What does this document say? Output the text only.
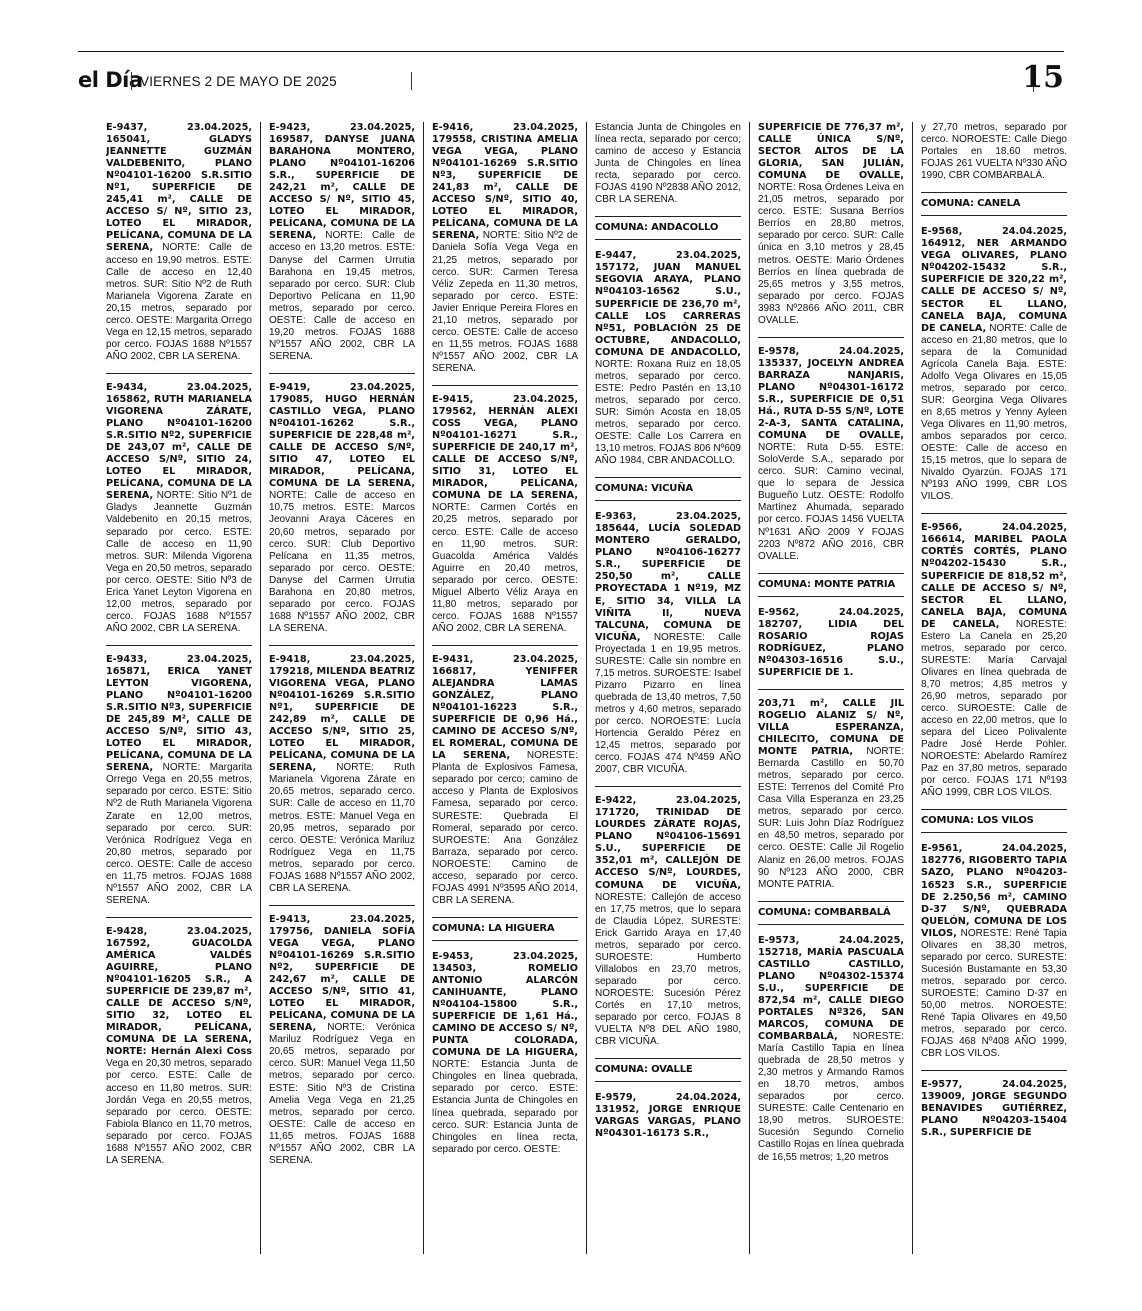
el Día
VIERNES 2 DE MAYO DE 2025	15

E-9437, 23.04.2025, 165041, GLADYS JEANNETTE GUZMÁN VALDEBENITO, PLANO Nº04101-16200 S.R.SITIO Nº1, SUPERFICIE DE 245,41 m², CALLE DE ACCESO S/ Nº, SITIO 23, LOTEO EL MIRADOR, PELÍCANA, COMUNA DE LA SERENA, NORTE: Calle de acceso en 19,90 metros. ESTE: Calle de acceso en 12,40 metros. SUR: Sitio Nº2 de Ruth Marianela Vigorena Zarate en 20,15 metros, separado por cerco. OESTE: Margarita Orrego Vega en 12,15 metros, separado por cerco. FOJAS 1688 Nº1557 AÑO 2002, CBR LA SERENA.

E-9434, 23.04.2025, 165862, RUTH MARIANELA VIGORENA ZÁRATE, PLANO Nº04101-16200 S.R.SITIO Nº2, SUPERFICIE DE 243,07 m², CALLE DE ACCESO S/Nº, SITIO 24, LOTEO EL MIRADOR, PELÍCANA, COMUNA DE LA SERENA, NORTE: Sitio Nº1 de Gladys Jeannette Guzmán Valdebenito en 20,15 metros, separado por cerco. ESTE: Calle de acceso en 11,90 metros. SUR: Milenda Vigorena Vega en 20,50 metros, separado por cerco. OESTE: Sitio Nº3 de Erica Yanet Leyton Vigorena en 12,00 metros, separado por cerco. FOJAS 1688 Nº1557 AÑO 2002, CBR LA SERENA.

E-9433, 23.04.2025, 165871, ERICA YANET LEYTON VIGORENA, PLANO Nº04101-16200 S.R.SITIO Nº3, SUPERFICIE DE 245,89 M², CALLE DE ACCESO S/Nº, SITIO 43, LOTEO EL MIRADOR, PELÍCANA, COMUNA DE LA SERENA, NORTE: Margarita Orrego Vega en 20,55 metros, separado por cerco. ESTE: Sitio Nº2 de Ruth Marianela Vigorena Zarate en 12,00 metros, separado por cerco. SUR: Verónica Rodríguez Vega en 20,80 metros, separado por cerco. OESTE: Calle de acceso en 11,75 metros. FOJAS 1688 Nº1557 AÑO 2002, CBR LA SERENA.

E-9428, 23.04.2025, 167592, GUACOLDA AMÉRICA VALDÉS AGUIRRE, PLANO Nº04101-16205 S.R., A SUPERFICIE DE 239,87 m², CALLE DE ACCESO S/Nº, SITIO 32, LOTEO EL MIRADOR, PELÍCANA, COMUNA DE LA SERENA, NORTE: Hernán Alexi Coss Vega en 20,30 metros, separado por cerco. ESTE: Calle de acceso en 11,80 metros. SUR: Jordán Vega en 20,55 metros, separado por cerco. OESTE: Fabiola Blanco en 11,70 metros, separado por cerco. FOJAS 1688 Nº1557 AÑO 2002, CBR LA SERENA.

E-9423, 23.04.2025, 169587, DANYSE JUANA BARAHONA MONTERO, PLANO Nº04101-16206 S.R., SUPERFICIE DE 242,21 m², CALLE DE ACCESO S/ Nº, SITIO 45, LOTEO EL MIRADOR, PELÍCANA, COMUNA DE LA SERENA, NORTE: Calle de acceso en 13,20 metros. ESTE: Danyse del Carmen Urrutia Barahona en 19,45 metros, separado por cerco. SUR: Club Deportivo Pelícana en 11,90 metros, separado por cerco. OESTE: Calle de acceso en 19,20 metros. FOJAS 1688 Nº1557 AÑO 2002, CBR LA SERENA.

E-9419, 23.04.2025, 179085, HUGO HERNÁN CASTILLO VEGA, PLANO Nº04101-16262 S.R., SUPERFICIE DE 228,48 m², CALLE DE ACCESO S/Nº, SITIO 47, LOTEO EL MIRADOR, PELÍCANA, COMUNA DE LA SERENA, NORTE: Calle de acceso en 10,75 metros. ESTE: Marcos Jeovanni Araya Cáceres en 20,60 metros, separado por cerco. SUR: Club Deportivo Pelícana en 11,35 metros, separado por cerco. OESTE: Danyse del Carmen Urrutia Barahona en 20,80 metros, separado por cerco. FOJAS 1688 Nº1557 AÑO 2002, CBR LA SERENA.

E-9418, 23.04.2025, 179218, MILENDA BEATRIZ VIGORENA VEGA, PLANO Nº04101-16269 S.R.SITIO Nº1, SUPERFICIE DE 242,89 m², CALLE DE ACCESO S/Nº, SITIO 25, LOTEO EL MIRADOR, PELÍCANA, COMUNA DE LA SERENA, NORTE: Ruth Marianela Vigorena Zárate en 20,65 metros, separado cerco. SUR: Calle de acceso en 11,70 metros. ESTE: Manuel Vega en 20,95 metros, separado por cerco. OESTE: Verónica Mariluz Rodríguez Vega en 11,75 metros, separado por cerco. FOJAS 1688 Nº1557 AÑO 2002, CBR LA SERENA.

E-9413, 23.04.2025, 179756, DANIELA SOFÍA VEGA VEGA, PLANO Nº04101-16269 S.R.SITIO Nº2, SUPERFICIE DE 242,67 m², CALLE DE ACCESO S/Nº, SITIO 41, LOTEO EL MIRADOR, PELÍCANA, COMUNA DE LA SERENA, NORTE: Verónica Mariluz Rodríguez Vega en 20,65 metros, separado por cerco. SUR: Manuel Vega 11,50 metros, separado por cerco. ESTE: Sitio Nº3 de Cristina Amelia Vega Vega en 21,25 metros, separado por cerco. OESTE: Calle de acceso en 11,65 metros. FOJAS 1688 Nº1557 AÑO 2002, CBR LA SERENA.

E-9416, 23.04.2025, 179558, CRISTINA AMELIA VEGA VEGA, PLANO Nº04101-16269 S.R.SITIO Nº3, SUPERFICIE DE 241,83 m², CALLE DE ACCESO S/Nº, SITIO 40, LOTEO EL MIRADOR, PELÍCANA, COMUNA DE LA SERENA, NORTE: Sitio Nº2 de Daniela Sofía Vega Vega en 21,25 metros, separado por cerco. SUR: Carmen Teresa Véliz Zepeda en 11,30 metros, separado por cerco. ESTE: Javier Enrique Pereira Flores en 21,10 metros, separado por cerco. OESTE: Calle de acceso en 11,55 metros. FOJAS 1688 Nº1557 AÑO 2002, CBR LA SERENA.

E-9415, 23.04.2025, 179562, HERNÁN ALEXI COSS VEGA, PLANO Nº04101-16271 S.R., SUPERFICIE DE 240,17 m², CALLE DE ACCESO S/Nº, SITIO 31, LOTEO EL MIRADOR, PELÍCANA, COMUNA DE LA SERENA, NORTE: Carmen Cortés en 20,25 metros, separado por cerco. ESTE: Calle de acceso en 11,90 metros. SUR: Guacolda América Valdés Aguirre en 20,40 metros, separado por cerco. OESTE: Miguel Alberto Véliz Araya en 11,80 metros, separado por cerco. FOJAS 1688 Nº1557 AÑO 2002, CBR LA SERENA.

E-9431, 23.04.2025, 166817, YENIFFER ALEJANDRA LAMAS GONZÁLEZ, PLANO Nº04101-16223 S.R., SUPERFICIE DE 0,96 Há., CAMINO DE ACCESO S/Nº, EL ROMERAL, COMUNA DE LA SERENA, NORESTE: Planta de Explosivos Famesa, separado por cerco; camino de acceso y Planta de Explosivos Famesa, separado por cerco. SURESTE: Quebrada El Romeral, separado por cerco. SUROESTE: Ana González Barraza, separado por cerco. NOROESTE: Camino de acceso, separado por cerco. FOJAS 4991 Nº3595 AÑO 2014, CBR LA SERENA.

COMUNA: LA HIGUERA

E-9453, 23.04.2025, 134503, ROMELIO ANTONIO ALARCÓN CANIHUANTE, PLANO Nº04104-15800 S.R., SUPERFICIE DE 1,61 Há., CAMINO DE ACCESO S/ Nº, PUNTA COLORADA, COMUNA DE LA HIGUERA, NORTE: Estancia Junta de Chingoles en línea quebrada, separado por cerco. ESTE: Estancia Junta de Chingoles en línea quebrada, separado por cerco. SUR: Estancia Junta de Chingoles en línea recta, separado por cerco. OESTE:

Estancia Junta de Chingoles en línea recta, separado por cerco; camino de acceso y Estancia Junta de Chingoles en línea recta, separado por cerco. FOJAS 4190 Nº2838 AÑO 2012, CBR LA SERENA.

COMUNA: ANDACOLLO

E-9447, 23.04.2025, 157172, JUAN MANUEL SEGOVIA ARAYA, PLANO Nº04103-16562 S.U., SUPERFICIE DE 236,70 m², CALLE LOS CARRERAS Nº51, POBLACIÓN 25 DE OCTUBRE, ANDACOLLO, COMUNA DE ANDACOLLO, NORTE: Roxana Ruiz en 18,05 metros, separado por cerco. ESTE: Pedro Pastén en 13,10 metros, separado por cerco. SUR: Simón Acosta en 18,05 metros, separado por cerco. OESTE: Calle Los Carrera en 13,10 metros. FOJAS 806 Nº609 AÑO 1984, CBR ANDACOLLO.

COMUNA: VICUÑA

E-9363, 23.04.2025, 185644, LUCÍA SOLEDAD MONTERO GERALDO, PLANO Nº04106-16277 S.R., SUPERFICIE DE 250,50 m², CALLE PROYECTADA 1 Nº19, MZ E, SITIO 34, VILLA LA VIÑITA II, NUEVA TALCUNA, COMUNA DE VICUÑA, NORESTE: Calle Proyectada 1 en 19,95 metros. SURESTE: Calle sin nombre en 7,15 metros. SUROESTE: Isabel Pizarro Pizarro en línea quebrada de 13,40 metros, 7,50 metros y 4,60 metros, separado por cerco. NOROESTE: Lucía Hortencia Geraldo Pérez en 12,45 metros, separado por cerco. FOJAS 474 Nº459 AÑO 2007, CBR VICUÑA.

E-9422, 23.04.2025, 171720, TRINIDAD DE LOURDES ZÁRATE ROJAS, PLANO Nº04106-15691 S.U., SUPERFICIE DE 352,01 m², CALLEJÓN DE ACCESO S/Nº, LOURDES, COMUNA DE VICUÑA, NORESTE: Callejón de acceso en 17,75 metros, que lo separa de Claudia López. SURESTE: Erick Garrido Araya en 17,40 metros, separado por cerco. SUROESTE: Humberto Villalobos en 23,70 metros, separado por cerco. NOROESTE: Sucesión Pérez Cortés en 17,10 metros, separado por cerco. FOJAS 8 VUELTA Nº8 DEL AÑO 1980, CBR VICUÑA.

COMUNA: OVALLE

E-9579, 24.04.2024, 131952, JORGE ENRIQUE VARGAS VARGAS, PLANO Nº04301-16173 S.R.,

SUPERFICIE DE 776,37 m², CALLE ÚNICA S/Nº, SECTOR ALTOS DE LA GLORIA, SAN JULIÁN, COMUNA DE OVALLE, NORTE: Rosa Órdenes Leiva en 21,05 metros, separado por cerco. ESTE: Susana Berríos Berríos en 28,80 metros, separado por cerco. SUR: Calle única en 3,10 metros y 28,45 metros. OESTE: Mario Órdenes Berríos en línea quebrada de 25,65 metros y 3,55 metros, separado por cerco. FOJAS 3983 Nº2866 AÑO 2011, CBR OVALLE.

E-9578, 24.04.2025, 135337, JOCELYN ANDREA BARRAZA NANJARIS, PLANO Nº04301-16172 S.R., SUPERFICIE DE 0,51 Há., RUTA D-55 S/Nº, LOTE 2-A-3, SANTA CATALINA, COMUNA DE OVALLE, NORTE: Ruta D-55. ESTE: SoloVerde S.A., separado por cerco. SUR: Camino vecinal, que lo separa de Jessica Bugueño Lutz. OESTE: Rodolfo Martínez Ahumada, separado por cerco. FOJAS 1456 VUELTA Nº1631 AÑO 2009 Y FOJAS 2203 Nº872 AÑO 2016, CBR OVALLE.

COMUNA: MONTE PATRIA

E-9562, 24.04.2025, 182707, LIDIA DEL ROSARIO ROJAS RODRÍGUEZ, PLANO Nº04303-16516 S.U., SUPERFICIE DE 1.

203,71 m², CALLE JIL ROGELIO ALANIZ S/ Nº, VILLA ESPERANZA, CHILECITO, COMUNA DE MONTE PATRIA, NORTE: Bernarda Castillo en 50,70 metros, separado por cerco. ESTE: Terrenos del Comité Pro Casa Villa Esperanza en 23,25 metros, separado por cerco. SUR: Luis John Díaz Rodríguez en 48,50 metros, separado por cerco. OESTE: Calle Jil Rogelio Alaniz en 26,00 metros. FOJAS 90 Nº123 AÑO 2000, CBR MONTE PATRIA.

COMUNA: COMBARBALÁ

E-9573, 24.04.2025, 152718, MARÍA PASCUALA CASTILLO CASTILLO, PLANO Nº04302-15374 S.U., SUPERFICIE DE 872,54 m², CALLE DIEGO PORTALES Nº326, SAN MARCOS, COMUNA DE COMBARBALÁ, NORESTE: María Castillo Tapia en línea quebrada de 28,50 metros y 2,30 metros y Armando Ramos en 18,70 metros, ambos separados por cerco. SURESTE: Calle Centenario en 18,90 metros. SUROESTE: Sucesión Segundo Cornelio Castillo Rojas en línea quebrada de 16,55 metros; 1,20 metros

y 27,70 metros, separado por cerco. NOROESTE: Calle Diego Portales en 18,60 metros. FOJAS 261 VUELTA Nº330 AÑO 1990, CBR COMBARBALÁ.

COMUNA: CANELA

E-9568, 24.04.2025, 164912, NER ARMANDO VEGA OLIVARES, PLANO Nº04202-15432 S.R., SUPERFICIE DE 320,22 m², CALLE DE ACCESO S/ Nº, SECTOR EL LLANO, CANELA BAJA, COMUNA DE CANELA, NORTE: Calle de acceso en 21,80 metros, que lo separa de la Comunidad Agrícola Canela Baja. ESTE: Adolfo Vega Olivares en 15,05 metros, separado por cerco. SUR: Georgina Vega Olivares en 8,65 metros y Yenny Ayleen Vega Olivares en 11,90 metros, ambos separados por cerco. OESTE: Calle de acceso en 15,15 metros, que lo separa de Nivaldo Oyarzún. FOJAS 171 Nº193 AÑO 1999, CBR LOS VILOS.

E-9566, 24.04.2025, 166614, MARIBEL PAOLA CORTÉS CORTÉS, PLANO Nº04202-15430 S.R., SUPERFICIE DE 818,52 m², CALLE DE ACCESO S/ Nº, SECTOR EL LLANO, CANELA BAJA, COMUNA DE CANELA, NORESTE: Estero La Canela en 25,20 metros, separado por cerco. SURESTE: María Carvajal Olivares en línea quebrada de 8,70 metros; 4,85 metros y 26,90 metros, separado por cerco. SUROESTE: Calle de acceso en 22,00 metros, que lo separa del Liceo Polivalente Padre José Herde Pohler. NOROESTE: Abelardo Ramírez Paz en 37,80 metros, separado por cerco. FOJAS 171 Nº193 AÑO 1999, CBR LOS VILOS.

COMUNA: LOS VILOS

E-9561, 24.04.2025, 182776, RIGOBERTO TAPIA SAZO, PLANO Nº04203-16523 S.R., SUPERFICIE DE 2.250,56 m², CAMINO D-37 S/Nº, QUEBRADA QUELÓN, COMUNA DE LOS VILOS, NORESTE: René Tapia Olivares en 38,30 metros, separado por cerco. SURESTE: Sucesión Bustamante en 53,30 metros, separado por cerco. SUROESTE: Camino D-37 en 50,00 metros. NOROESTE: René Tapia Olivares en 49,50 metros, separado por cerco. FOJAS 468 Nº408 AÑO 1999, CBR LOS VILOS.

E-9577, 24.04.2025, 139009, JORGE SEGUNDO BENAVIDES GUTIÉRREZ, PLANO Nº04203-15404 S.R., SUPERFICIE DE
